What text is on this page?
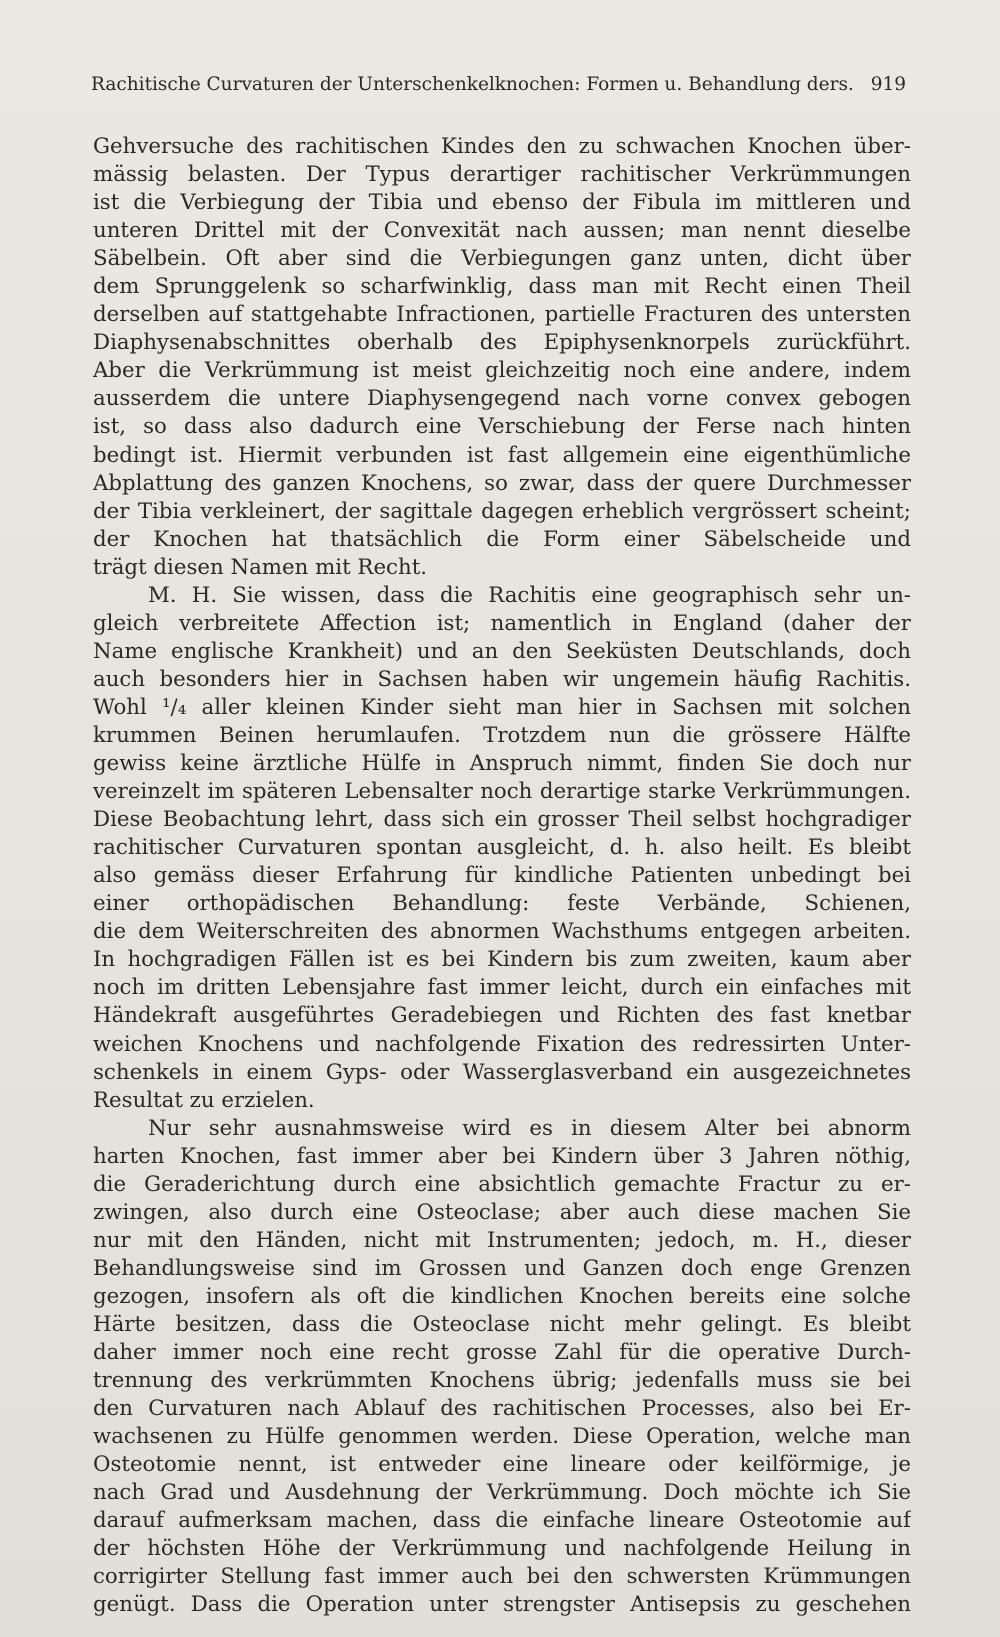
Rachitische Curvaturen der Unterschenkelknochen: Formen u. Behandlung ders. 919
Gehversuche des rachitischen Kindes den zu schwachen Knochen über-
mässig belasten. Der Typus derartiger rachitischer Verkrümmungen
ist die Verbiegung der Tibia und ebenso der Fibula im mittleren und
unteren Drittel mit der Convexität nach aussen; man nennt dieselbe
Säbelbein. Oft aber sind die Verbiegungen ganz unten, dicht über
dem Sprunggelenk so scharfwinklig, dass man mit Recht einen Theil
derselben auf stattgehabte Infractionen, partielle Fracturen des untersten
Diaphysenabschnittes oberhalb des Epiphysenknorpels zurückführt.
Aber die Verkrümmung ist meist gleichzeitig noch eine andere, indem
ausserdem die untere Diaphysengegend nach vorne convex gebogen
ist, so dass also dadurch eine Verschiebung der Ferse nach hinten
bedingt ist. Hiermit verbunden ist fast allgemein eine eigenthümliche
Abplattung des ganzen Knochens, so zwar, dass der quere Durchmesser
der Tibia verkleinert, der sagittale dagegen erheblich vergrössert scheint;
der Knochen hat thatsächlich die Form einer Säbelscheide und
trägt diesen Namen mit Recht.
M. H. Sie wissen, dass die Rachitis eine geographisch sehr un-
gleich verbreitete Affection ist; namentlich in England (daher der
Name englische Krankheit) und an den Seeküsten Deutschlands, doch
auch besonders hier in Sachsen haben wir ungemein häufig Rachitis.
Wohl ¹/₄ aller kleinen Kinder sieht man hier in Sachsen mit solchen
krummen Beinen herumlaufen. Trotzdem nun die grössere Hälfte
gewiss keine ärztliche Hülfe in Anspruch nimmt, finden Sie doch nur
vereinzelt im späteren Lebensalter noch derartige starke Verkrümmungen.
Diese Beobachtung lehrt, dass sich ein grosser Theil selbst hochgradiger
rachitischer Curvaturen spontan ausgleicht, d. h. also heilt. Es bleibt
also gemäss dieser Erfahrung für kindliche Patienten unbedingt bei
einer orthopädischen Behandlung: feste Verbände, Schienen,
die dem Weiterschreiten des abnormen Wachsthums entgegen arbeiten.
In hochgradigen Fällen ist es bei Kindern bis zum zweiten, kaum aber
noch im dritten Lebensjahre fast immer leicht, durch ein einfaches mit
Händekraft ausgeführtes Geradebiegen und Richten des fast knetbar
weichen Knochens und nachfolgende Fixation des redressirten Unter-
schenkels in einem Gyps- oder Wasserglasverband ein ausgezeichnetes
Resultat zu erzielen.
Nur sehr ausnahmsweise wird es in diesem Alter bei abnorm
harten Knochen, fast immer aber bei Kindern über 3 Jahren nöthig,
die Geraderichtung durch eine absichtlich gemachte Fractur zu er-
zwingen, also durch eine Osteoclase; aber auch diese machen Sie
nur mit den Händen, nicht mit Instrumenten; jedoch, m. H., dieser
Behandlungsweise sind im Grossen und Ganzen doch enge Grenzen
gezogen, insofern als oft die kindlichen Knochen bereits eine solche
Härte besitzen, dass die Osteoclase nicht mehr gelingt. Es bleibt
daher immer noch eine recht grosse Zahl für die operative Durch-
trennung des verkrümmten Knochens übrig; jedenfalls muss sie bei
den Curvaturen nach Ablauf des rachitischen Processes, also bei Er-
wachsenen zu Hülfe genommen werden. Diese Operation, welche man
Osteotomie nennt, ist entweder eine lineare oder keilförmige, je
nach Grad und Ausdehnung der Verkrümmung. Doch möchte ich Sie
darauf aufmerksam machen, dass die einfache lineare Osteotomie auf
der höchsten Höhe der Verkrümmung und nachfolgende Heilung in
corrigirter Stellung fast immer auch bei den schwersten Krümmungen
genügt. Dass die Operation unter strengster Antisepsis zu geschehen
